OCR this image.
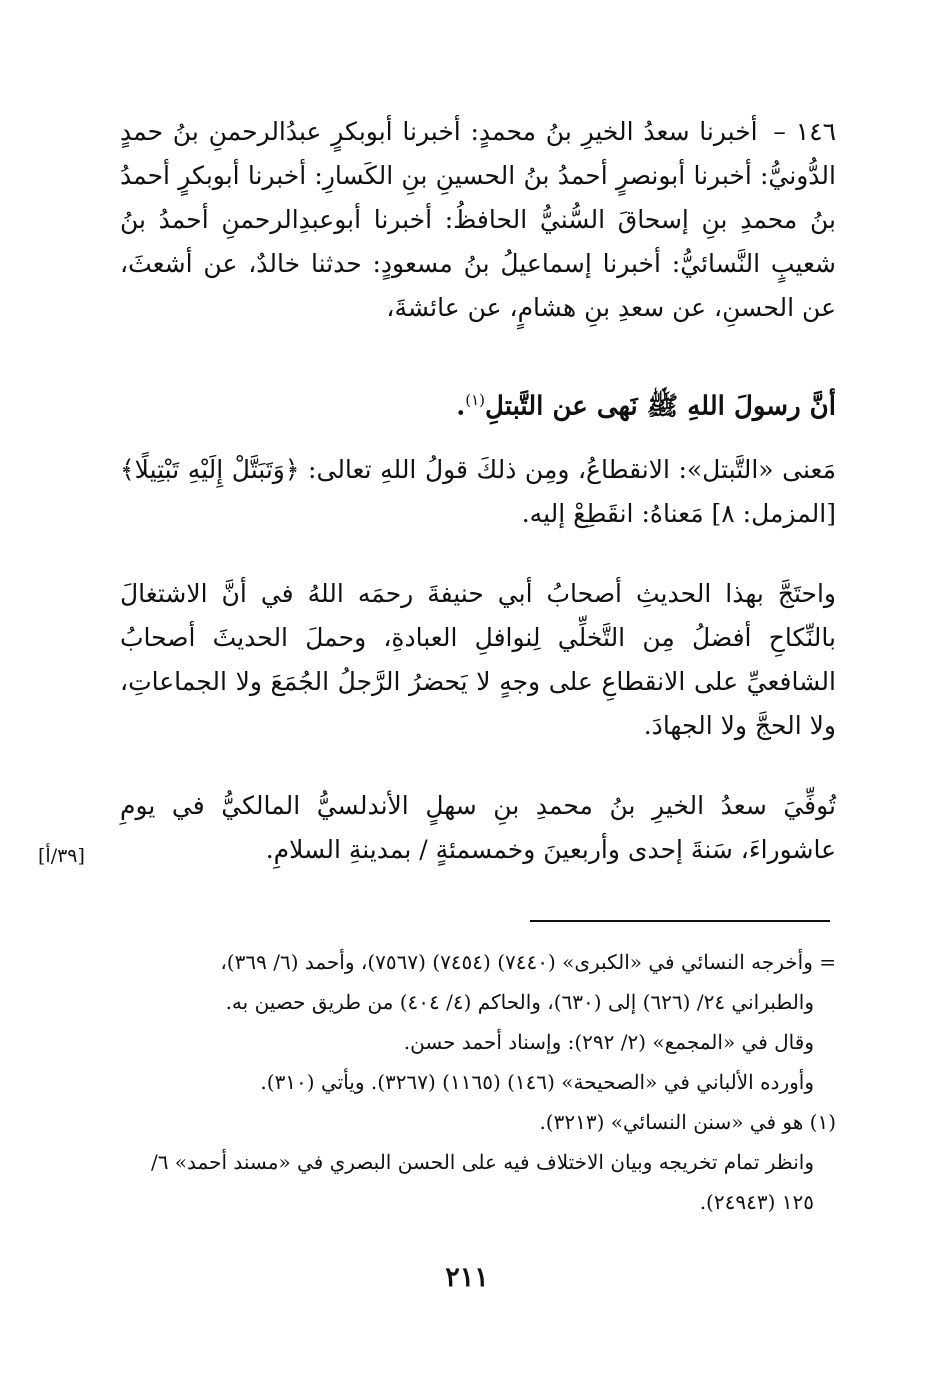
١٤٦ – أخبرنا سعدُ الخيرِ بنُ محمدٍ: أخبرنا أبوبكرٍ عبدُالرحمنِ بنُ حمدٍ الدُّونيُّ: أخبرنا أبونصرٍ أحمدُ بنُ الحسينِ بنِ الكَسارِ: أخبرنا أبوبكرٍ أحمدُ بنُ محمدِ بنِ إسحاقَ السُّنيُّ الحافظُ: أخبرنا أبوعبدِالرحمنِ أحمدُ بنُ شعيبٍ النَّسائيُّ: أخبرنا إسماعيلُ بنُ مسعودٍ: حدثنا خالدٌ، عن أشعثَ، عن الحسنِ، عن سعدِ بنِ هشامٍ، عن عائشةَ،
أنَّ رسولَ اللهِ ﷺ نَهى عن التَّبتلِ$^{(١)}$.
مَعنى «التَّبتل»: الانقطاعُ، ومِن ذلكَ قولُ اللهِ تعالى: ﴿وَتَبَتَّلْ إِلَيْهِ تَبْتِيلًا﴾ [المزمل: ٨] مَعناهُ: انقَطِعْ إليه.
واحتَجَّ بهذا الحديثِ أصحابُ أبي حنيفةَ رحمَه اللهُ في أنَّ الاشتغالَ بالنِّكاحِ أفضلُ مِن التَّخلِّي لِنوافلِ العبادةِ، وحملَ الحديثَ أصحابُ الشافعيِّ على الانقطاعِ على وجهٍ لا يَحضرُ الرَّجلُ الجُمَعَ ولا الجماعاتِ، ولا الحجَّ ولا الجهادَ.
تُوفِّيَ سعدُ الخيرِ بنُ محمدِ بنِ سهلٍ الأندلسيُّ المالكيُّ في يومِ عاشوراءَ، سَنةَ إحدى وأربعينَ وخمسمئةٍ / بمدينةِ السلامِ.
[٣٩/أ]
= وأخرجه النسائي في «الكبرى» (٧٤٤٠) (٧٤٥٤) (٧٥٦٧)، وأحمد (٦/ ٣٦٩)،
والطبراني ٢٤/ (٦٢٦) إلى (٦٣٠)، والحاكم (٤/ ٤٠٤) من طريق حصين به.
وقال في «المجمع» (٢/ ٢٩٢): وإسناد أحمد حسن.
وأورده الألباني في «الصحيحة» (١٤٦) (١١٦٥) (٣٢٦٧). ويأتي (٣١٠).
(١) هو في «سنن النسائي» (٣٢١٣).
وانظر تمام تخريجه وبيان الاختلاف فيه على الحسن البصري في «مسند أحمد» ٦/
١٢٥ (٢٤٩٤٣).
٢١١
